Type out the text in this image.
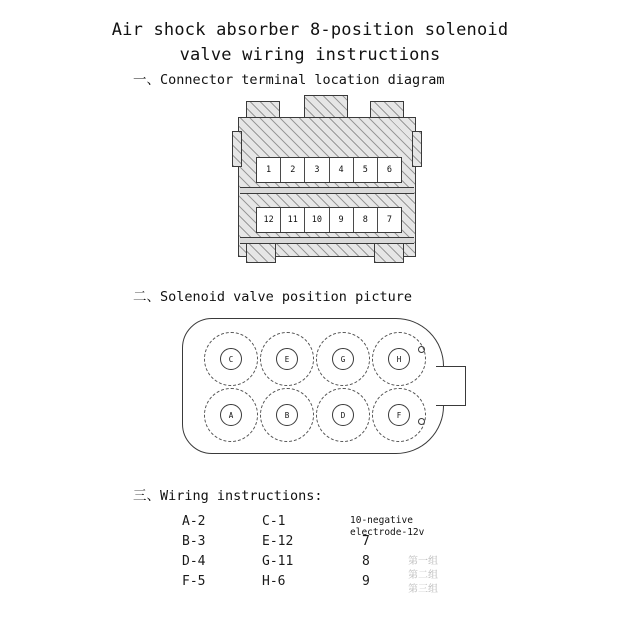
Air shock absorber 8-position solenoid
valve wiring instructions
一、Connector terminal location diagram
1	2	3	4	5	6
12	11	10	9	8	7
二、Solenoid valve position picture
C	E	G	H
A	B	D	F
三、Wiring instructions:
A-2	C-1
B-3	E-12	7
D-4	G-11	8
F-5	H-6	9
10-negative
electrode-12v
第一组
第二组
第三组
